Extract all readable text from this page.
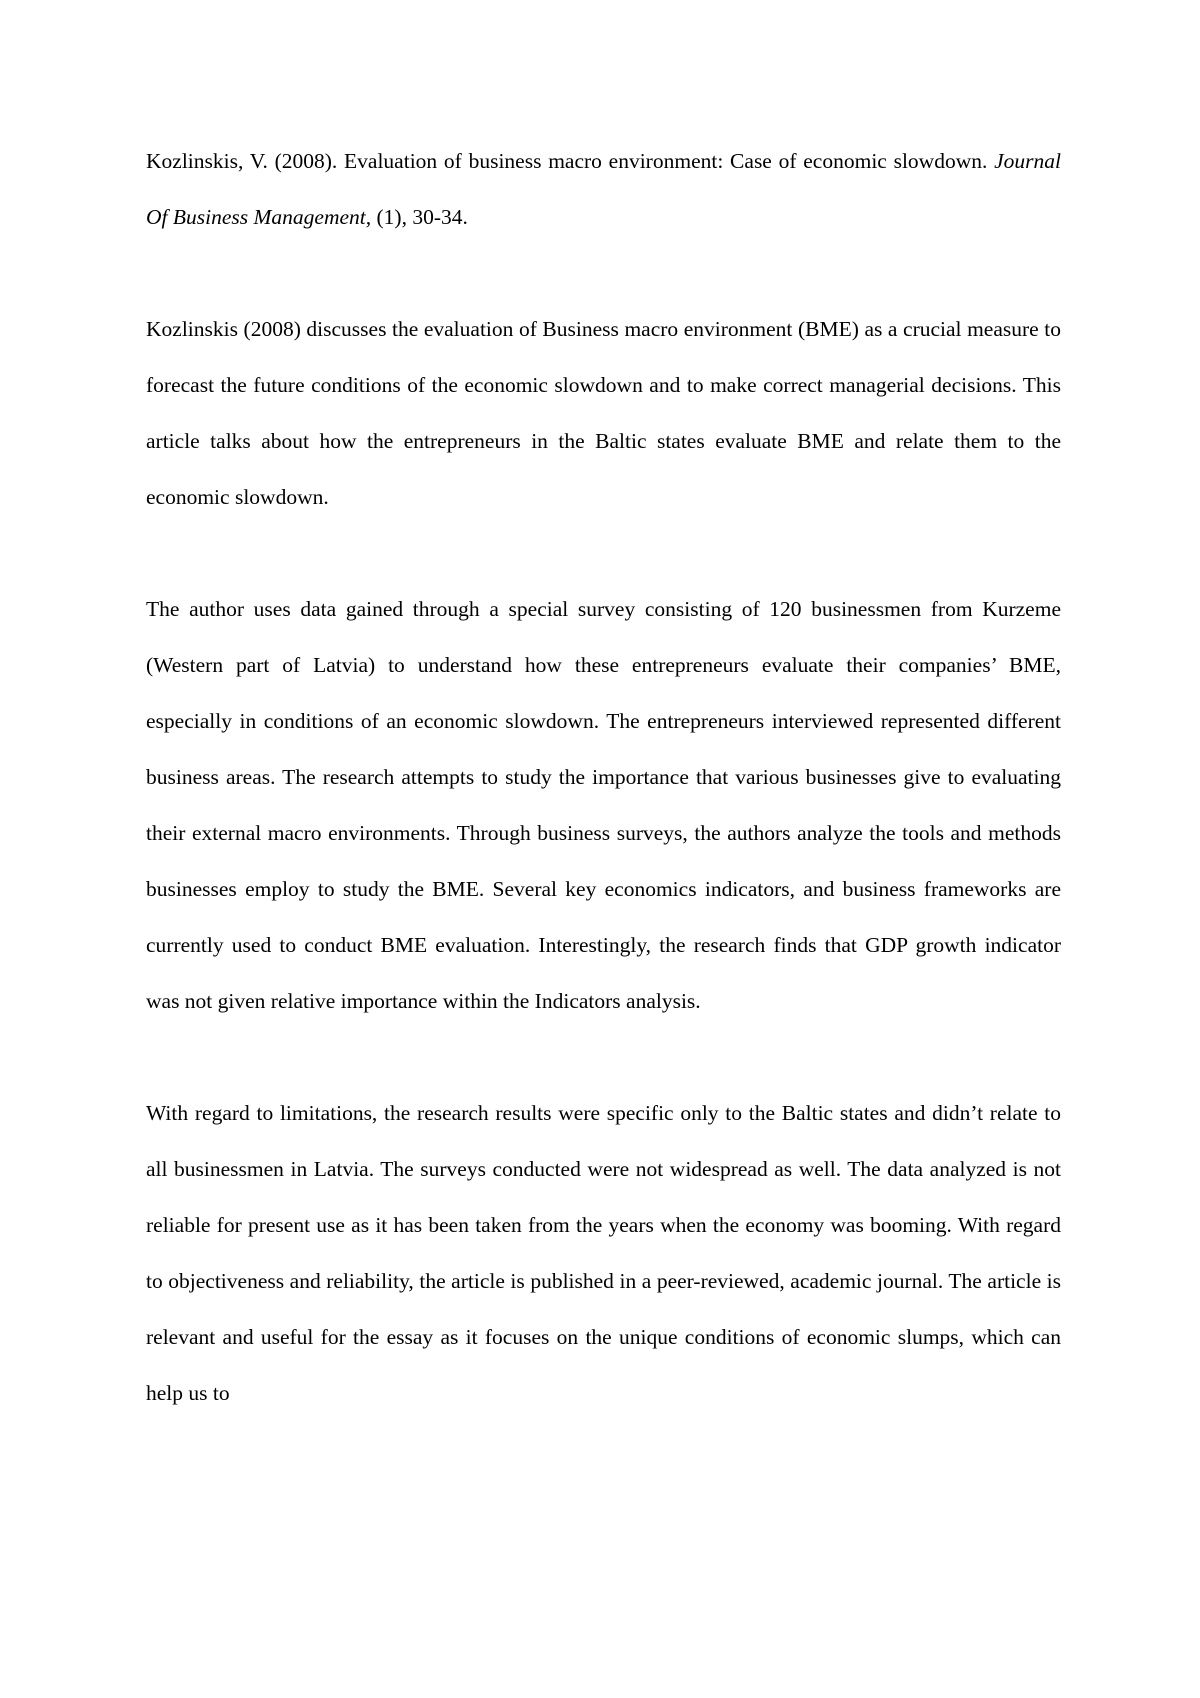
Kozlinskis, V. (2008). Evaluation of business macro environment: Case of economic slowdown. Journal Of Business Management, (1), 30-34.

Kozlinskis (2008) discusses the evaluation of Business macro environment (BME) as a crucial measure to forecast the future conditions of the economic slowdown and to make correct managerial decisions. This article talks about how the entrepreneurs in the Baltic states evaluate BME and relate them to the economic slowdown.

The author uses data gained through a special survey consisting of 120 businessmen from Kurzeme (Western part of Latvia) to understand how these entrepreneurs evaluate their companies’ BME, especially in conditions of an economic slowdown. The entrepreneurs interviewed represented different business areas. The research attempts to study the importance that various businesses give to evaluating their external macro environments. Through business surveys, the authors analyze the tools and methods businesses employ to study the BME. Several key economics indicators, and business frameworks are currently used to conduct BME evaluation. Interestingly, the research finds that GDP growth indicator was not given relative importance within the Indicators analysis.

With regard to limitations, the research results were specific only to the Baltic states and didn’t relate to all businessmen in Latvia. The surveys conducted were not widespread as well. The data analyzed is not reliable for present use as it has been taken from the years when the economy was booming. With regard to objectiveness and reliability, the article is published in a peer-reviewed, academic journal. The article is relevant and useful for the essay as it focuses on the unique conditions of economic slumps, which can help us to
